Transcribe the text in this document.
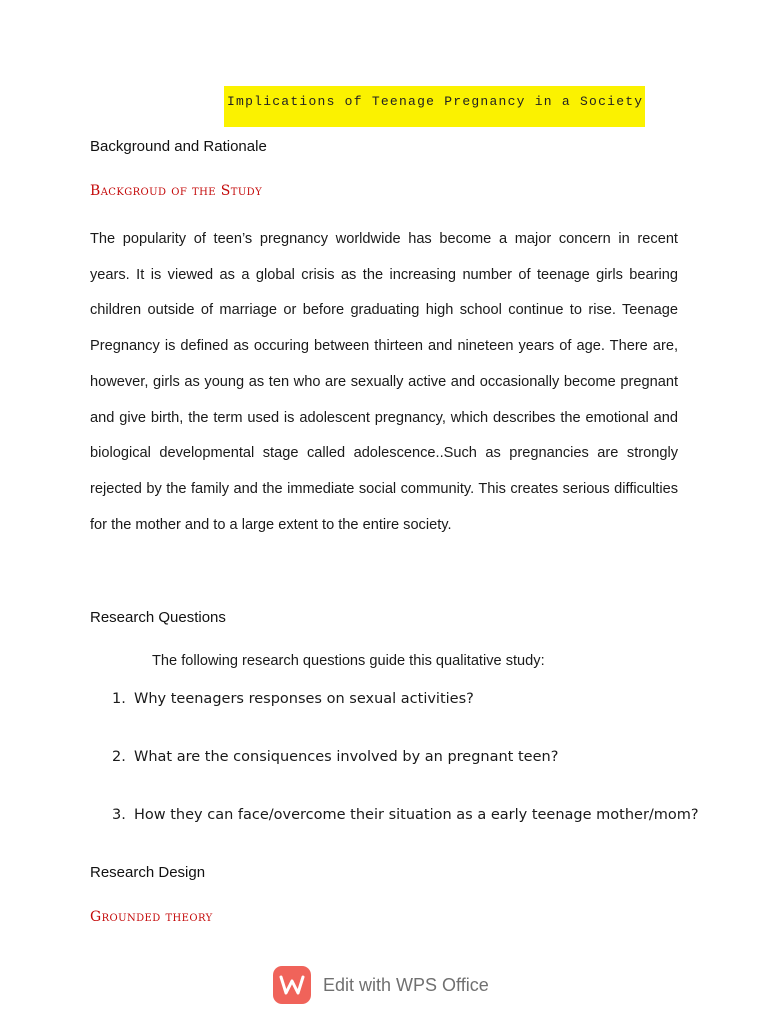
Implications of Teenage Pregnancy in a Society
Background and Rationale
Backgroud of the Study

The popularity of teen’s pregnancy worldwide has become a major concern in recent years. It is viewed as a global crisis as the increasing number of teenage girls bearing children outside of marriage or before graduating high school continue to rise. Teenage Pregnancy is defined as occuring between thirteen and nineteen years of age. There are, however, girls as young as ten who are sexually active and occasionally become pregnant and give birth, the term used is adolescent pregnancy, which describes the emotional and biological developmental stage called adolescence..Such as pregnancies are strongly rejected by the family and the immediate social community. This creates serious difficulties for the mother and to a large extent to the entire society.

Research Questions
The following research questions guide this qualitative study:
1. Why teenagers responses on sexual activities?
2. What are the consiquences involved by an pregnant teen?
3. How they can face/overcome their situation as a early teenage mother/mom?
Research Design
Grounded theory
Edit with WPS Office
